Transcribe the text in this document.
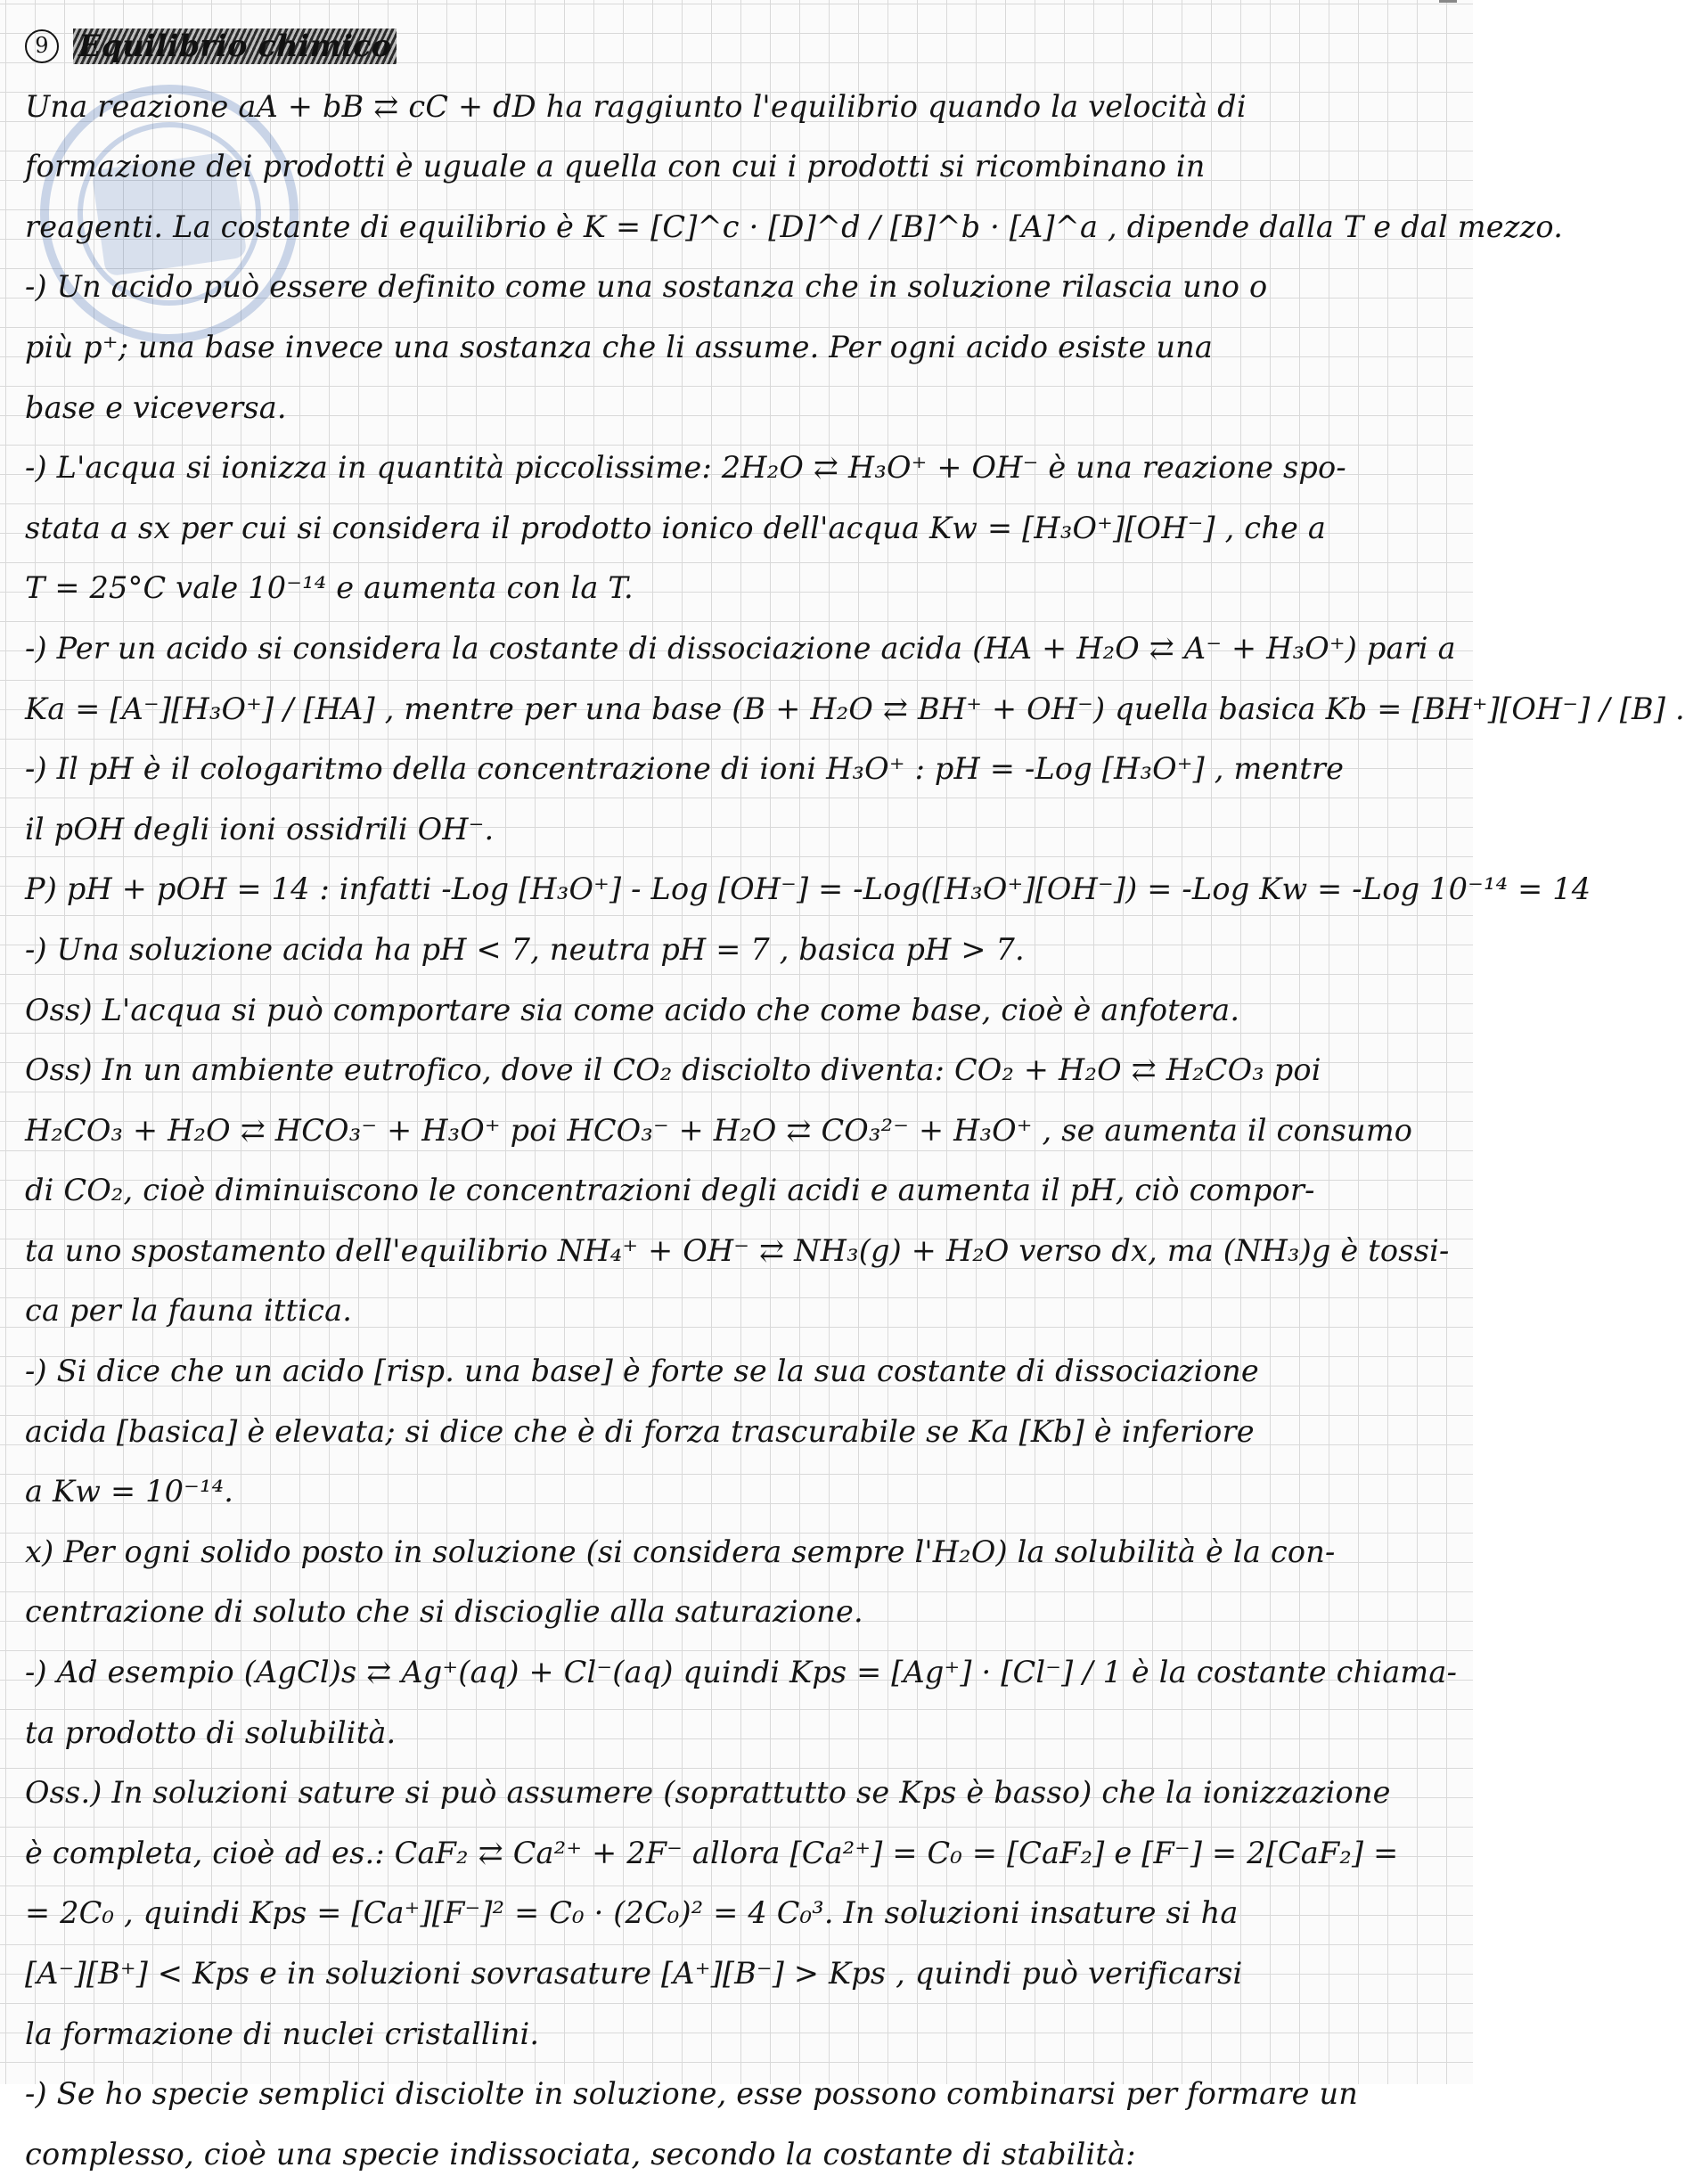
9 Equilibrio chimico
Una reazione aA + bB ⇄ cC + dD ha raggiunto l'equilibrio quando la velocità di
formazione dei prodotti è uguale a quella con cui i prodotti si ricombinano in
reagenti. La costante di equilibrio è K = [C]^c · [D]^d / [B]^b · [A]^a , dipende dalla T e dal mezzo.
-) Un acido può essere definito come una sostanza che in soluzione rilascia uno o
più p⁺; una base invece una sostanza che li assume. Per ogni acido esiste una
base e viceversa.
-) L'acqua si ionizza in quantità piccolissime: 2H₂O ⇄ H₃O⁺ + OH⁻ è una reazione spo-
stata a sx per cui si considera il prodotto ionico dell'acqua Kw = [H₃O⁺][OH⁻] , che a
T = 25°C vale 10⁻¹⁴ e aumenta con la T.
-) Per un acido si considera la costante di dissociazione acida (HA + H₂O ⇄ A⁻ + H₃O⁺) pari a
Ka = [A⁻][H₃O⁺] / [HA] , mentre per una base (B + H₂O ⇄ BH⁺ + OH⁻) quella basica Kb = [BH⁺][OH⁻] / [B] .
-) Il pH è il cologaritmo della concentrazione di ioni H₃O⁺ : pH = -Log [H₃O⁺] , mentre
il pOH degli ioni ossidrili OH⁻.
P) pH + pOH = 14 : infatti -Log [H₃O⁺] - Log [OH⁻] = -Log([H₃O⁺][OH⁻]) = -Log Kw = -Log 10⁻¹⁴ = 14
-) Una soluzione acida ha pH < 7, neutra pH = 7 , basica pH > 7.
Oss) L'acqua si può comportare sia come acido che come base, cioè è anfotera.
Oss) In un ambiente eutrofico, dove il CO₂ disciolto diventa: CO₂ + H₂O ⇄ H₂CO₃ poi
H₂CO₃ + H₂O ⇄ HCO₃⁻ + H₃O⁺ poi HCO₃⁻ + H₂O ⇄ CO₃²⁻ + H₃O⁺ , se aumenta il consumo
di CO₂, cioè diminuiscono le concentrazioni degli acidi e aumenta il pH, ciò compor-
ta uno spostamento dell'equilibrio NH₄⁺ + OH⁻ ⇄ NH₃(g) + H₂O verso dx, ma (NH₃)g è tossi-
ca per la fauna ittica.
-) Si dice che un acido [risp. una base] è forte se la sua costante di dissociazione
acida [basica] è elevata; si dice che è di forza trascurabile se Ka [Kb] è inferiore
a Kw = 10⁻¹⁴.
x) Per ogni solido posto in soluzione (si considera sempre l'H₂O) la solubilità è la con-
centrazione di soluto che si discioglie alla saturazione.
-) Ad esempio (AgCl)s ⇄ Ag⁺(aq) + Cl⁻(aq) quindi Kps = [Ag⁺] · [Cl⁻] / 1 è la costante chiama-
ta prodotto di solubilità.
Oss.) In soluzioni sature si può assumere (soprattutto se Kps è basso) che la ionizzazione
è completa, cioè ad es.: CaF₂ ⇄ Ca²⁺ + 2F⁻ allora [Ca²⁺] = C₀ = [CaF₂] e [F⁻] = 2[CaF₂] =
= 2C₀ , quindi Kps = [Ca⁺][F⁻]² = C₀ · (2C₀)² = 4 C₀³. In soluzioni insature si ha
[A⁻][B⁺] < Kps e in soluzioni sovrasature [A⁺][B⁻] > Kps , quindi può verificarsi
la formazione di nuclei cristallini.
-) Se ho specie semplici disciolte in soluzione, esse possono combinarsi per formare un
complesso, cioè una specie indissociata, secondo la costante di stabilità:
